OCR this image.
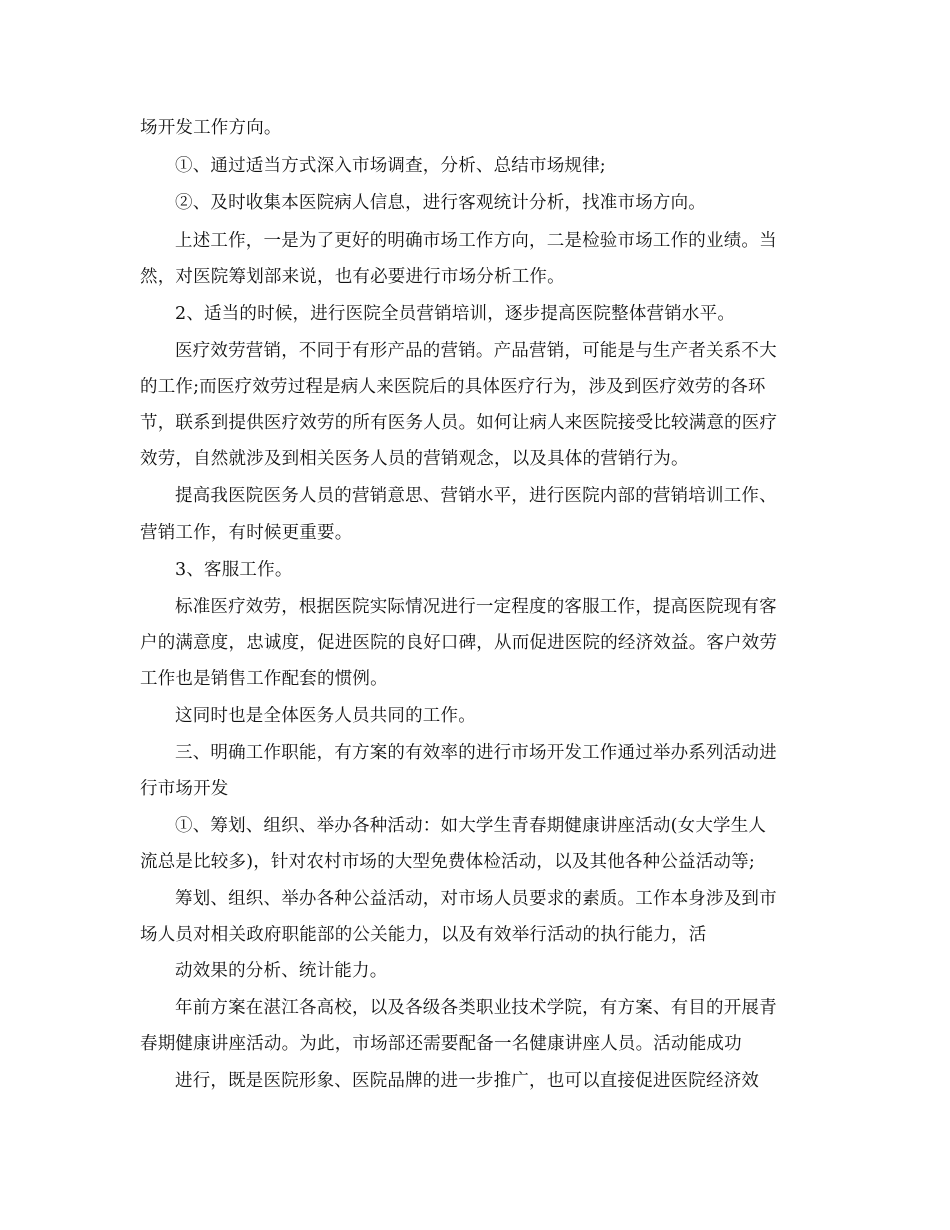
场开发工作方向。

①、通过适当方式深入市场调查，分析、总结市场规律;

②、及时收集本医院病人信息，进行客观统计分析，找准市场方向。

上述工作，一是为了更好的明确市场工作方向，二是检验市场工作的业绩。当

然，对医院筹划部来说，也有必要进行市场分析工作。

2、适当的时候，进行医院全员营销培训，逐步提高医院整体营销水平。

医疗效劳营销，不同于有形产品的营销。产品营销，可能是与生产者关系不大

的工作;而医疗效劳过程是病人来医院后的具体医疗行为，涉及到医疗效劳的各环

节，联系到提供医疗效劳的所有医务人员。如何让病人来医院接受比较满意的医疗

效劳，自然就涉及到相关医务人员的营销观念，以及具体的营销行为。

提高我医院医务人员的营销意思、营销水平，进行医院内部的营销培训工作、

营销工作，有时候更重要。

3、客服工作。

标准医疗效劳，根据医院实际情况进行一定程度的客服工作，提高医院现有客

户的满意度，忠诚度，促进医院的良好口碑，从而促进医院的经济效益。客户效劳

工作也是销售工作配套的惯例。

这同时也是全体医务人员共同的工作。

三、明确工作职能，有方案的有效率的进行市场开发工作通过举办系列活动进

行市场开发

①、筹划、组织、举办各种活动：如大学生青春期健康讲座活动(女大学生人

流总是比较多)，针对农村市场的大型免费体检活动，以及其他各种公益活动等;

筹划、组织、举办各种公益活动，对市场人员要求的素质。工作本身涉及到市

场人员对相关政府职能部的公关能力，以及有效举行活动的执行能力，活

动效果的分析、统计能力。

年前方案在湛江各高校，以及各级各类职业技术学院，有方案、有目的开展青

春期健康讲座活动。为此，市场部还需要配备一名健康讲座人员。活动能成功

进行，既是医院形象、医院品牌的进一步推广，也可以直接促进医院经济效
